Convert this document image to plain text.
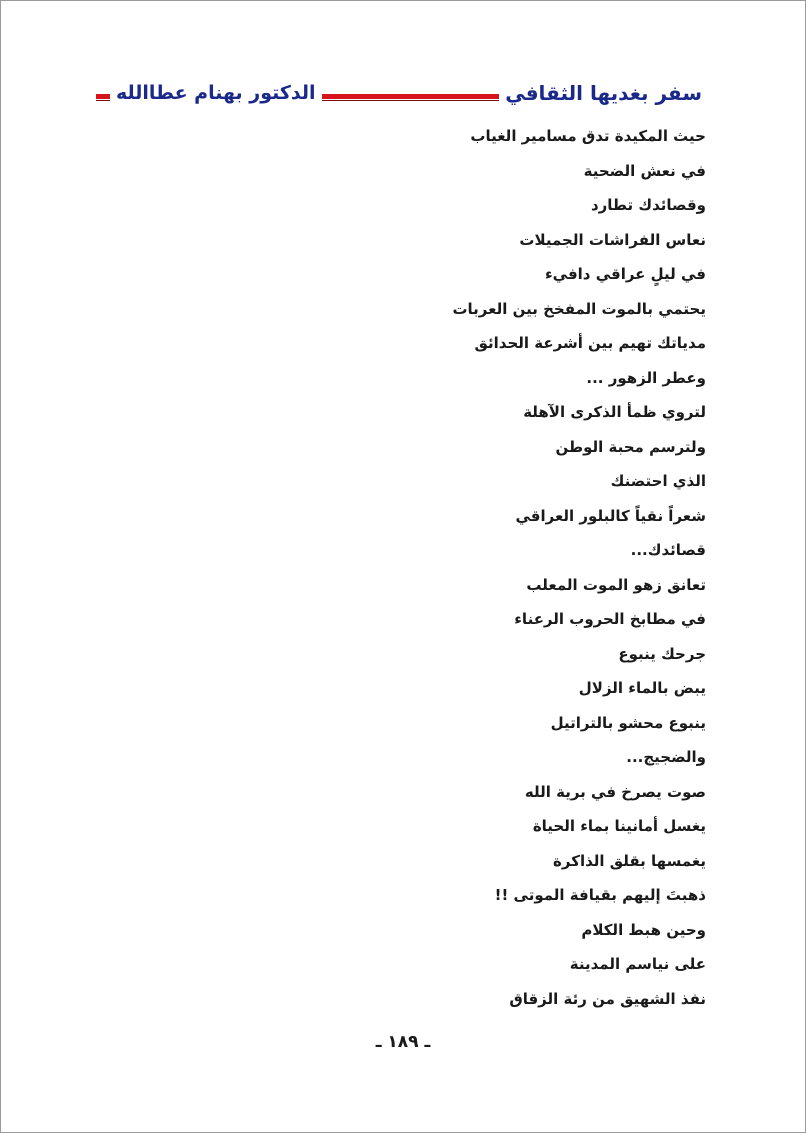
سفر بغديها الثقافي
الدكتور بهنام عطاالله
حيث المكيدة تدق مسامير الغياب
في نعش الضحية
وقصائدك تطارد
نعاس الفراشات الجميلات
في ليلٍ عراقي دافيء
يحتمي بالموت المفخخ بين العربات
مدياتك تهيم بين أشرعة الحدائق
وعطر الزهور ...
لتروي ظمأ الذكرى الآهلة
ولترسم محبة الوطن
الذي احتضنك
شعراً نقياً كالبلور العراقي
قصائدك...
تعانق زهو الموت المعلب
في مطابخ الحروب الرعناء
جرحك ينبوع
يبض بالماء الزلال
ينبوع محشو بالتراتيل
والضجيج...
صوت يصرخ في برية الله
يغسل أمانينا بماء الحياة
يغمسها بقلق الذاكرة
ذهبتَ إليهم بقيافة الموتى !!
وحين هبط الكلام
على نياسم المدينة
نفذ الشهيق من رئة الزقاق
ـ ١٨٩ ـ
